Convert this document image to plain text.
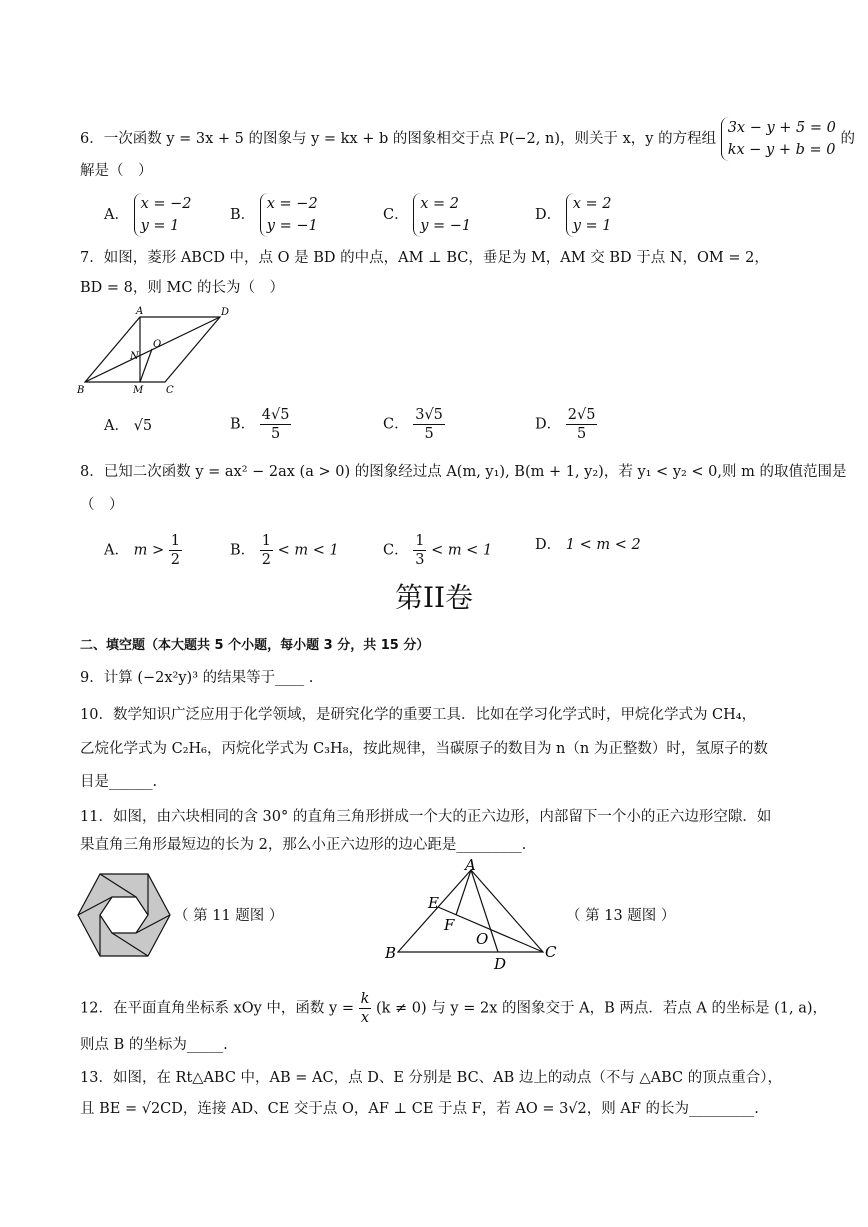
6．一次函数 y = 3x + 5 的图象与 y = kx + b 的图象相交于点 P(−2, n)，则关于 x，y 的方程组
3x − y + 5 = 0
kx − y + b = 0
的
解是（　）
A．
x = −2
y = 1
B．
x = −2
y = −1
C．
x = 2
y = −1
D．
x = 2
y = 1
7．如图，菱形 ABCD 中，点 O 是 BD 的中点，AM ⊥ BC，垂足为 M，AM 交 BD 于点 N，OM = 2，
BD = 8，则 MC 的长为（　）
A	D
N
O
B	M C
A． √5	B． $\frac{4√5}{5}$	C． $\frac{3√5}{5}$	D． $\frac{2√5}{5}$
8．已知二次函数 y = ax² − 2ax (a > 0) 的图象经过点 A(m, y₁), B(m + 1, y₂)，若 y₁ < y₂ < 0,则 m 的取值范围是
（　）
A． $m > \frac{1}{2}$	B． $\frac{1}{2} < m < 1$	C． $\frac{1}{3} < m < 1$	D． 1 < m < 2
第II卷
二、填空题（本大题共 5 个小题，每小题 3 分，共 15 分）
9．计算 (−2x²y)³ 的结果等于____ .
10．数学知识广泛应用于化学领域，是研究化学的重要工具．比如在学习化学式时，甲烷化学式为 CH₄，
乙烷化学式为 C₂H₆，丙烷化学式为 C₃H₈，按此规律，当碳原子的数目为 n（n 为正整数）时，氢原子的数
目是______.
11．如图，由六块相同的含 30° 的直角三角形拼成一个大的正六边形，内部留下一个小的正六边形空隙．如
果直角三角形最短边的长为 2，那么小正六边形的边心距是_________.
（ 第 11 题图 ）
A
E
F
O
B
D
C
（ 第 13 题图 ）
12．在平面直角坐标系 xOy 中，函数 $y = \frac{k}{x} (k \ne 0)$ 与 y = 2x 的图象交于 A，B 两点．若点 A 的坐标是 (1, a)，
则点 B 的坐标为_____.
13．如图，在 Rt△ABC 中，AB = AC，点 D、E 分别是 BC、AB 边上的动点（不与 △ABC 的顶点重合），
且 BE = √2CD，连接 AD、CE 交于点 O，AF ⊥ CE 于点 F，若 AO = 3√2，则 AF 的长为_________.
